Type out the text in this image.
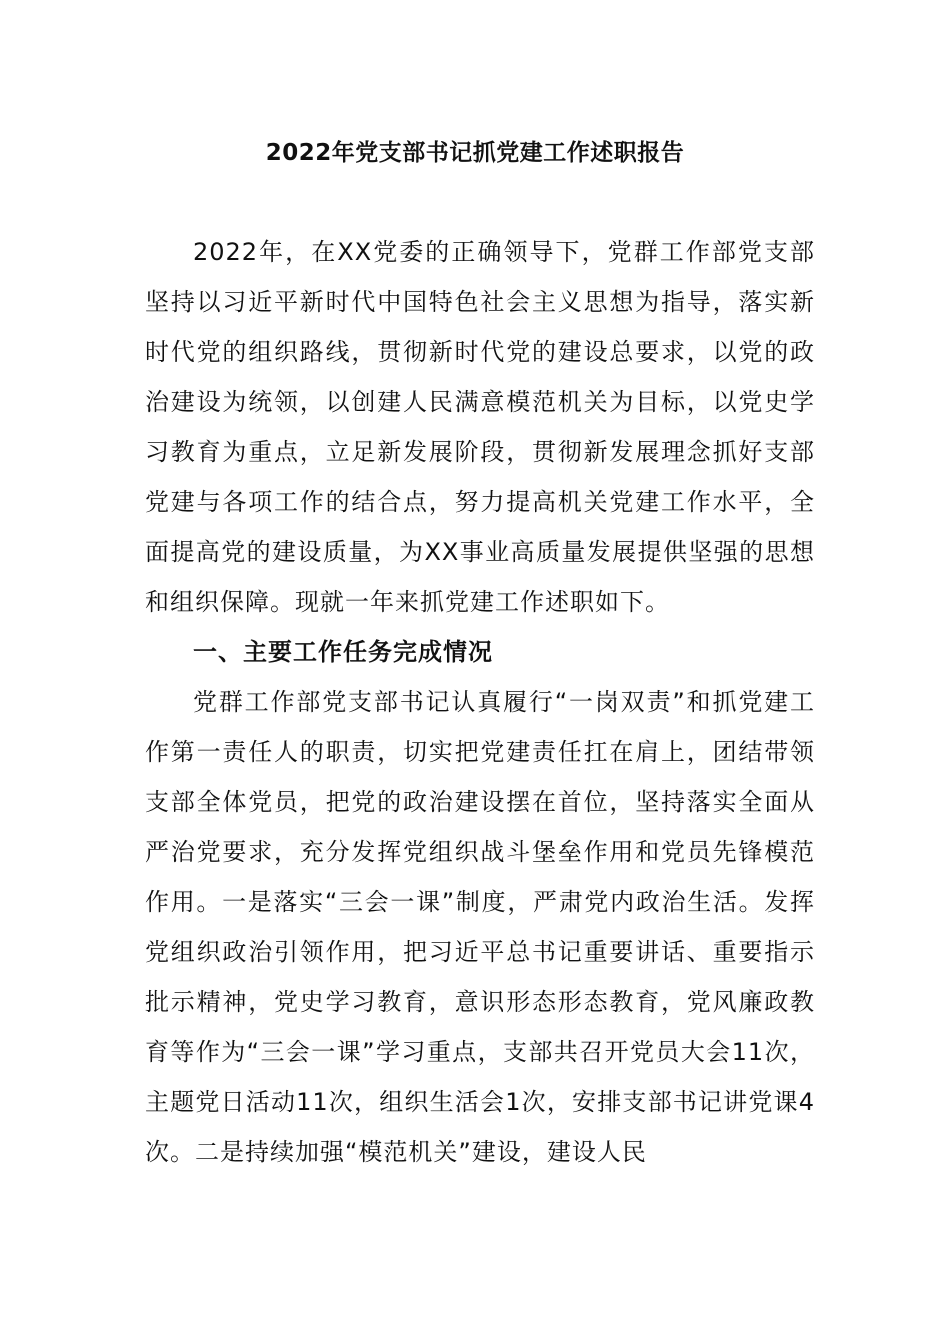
2022年党支部书记抓党建工作述职报告

2022年，在XX党委的正确领导下，党群工作部党支部坚持以习近平新时代中国特色社会主义思想为指导，落实新时代党的组织路线，贯彻新时代党的建设总要求，以党的政治建设为统领，以创建人民满意模范机关为目标，以党史学习教育为重点，立足新发展阶段，贯彻新发展理念抓好支部党建与各项工作的结合点，努力提高机关党建工作水平，全面提高党的建设质量，为XX事业高质量发展提供坚强的思想和组织保障。现就一年来抓党建工作述职如下。

一、主要工作任务完成情况

党群工作部党支部书记认真履行“一岗双责”和抓党建工作第一责任人的职责，切实把党建责任扛在肩上，团结带领支部全体党员，把党的政治建设摆在首位，坚持落实全面从严治党要求，充分发挥党组织战斗堡垒作用和党员先锋模范作用。一是落实“三会一课”制度，严肃党内政治生活。发挥党组织政治引领作用，把习近平总书记重要讲话、重要指示批示精神，党史学习教育，意识形态形态教育，党风廉政教育等作为“三会一课”学习重点，支部共召开党员大会11次，主题党日活动11次，组织生活会1次，安排支部书记讲党课4次。二是持续加强“模范机关”建设，建设人民
